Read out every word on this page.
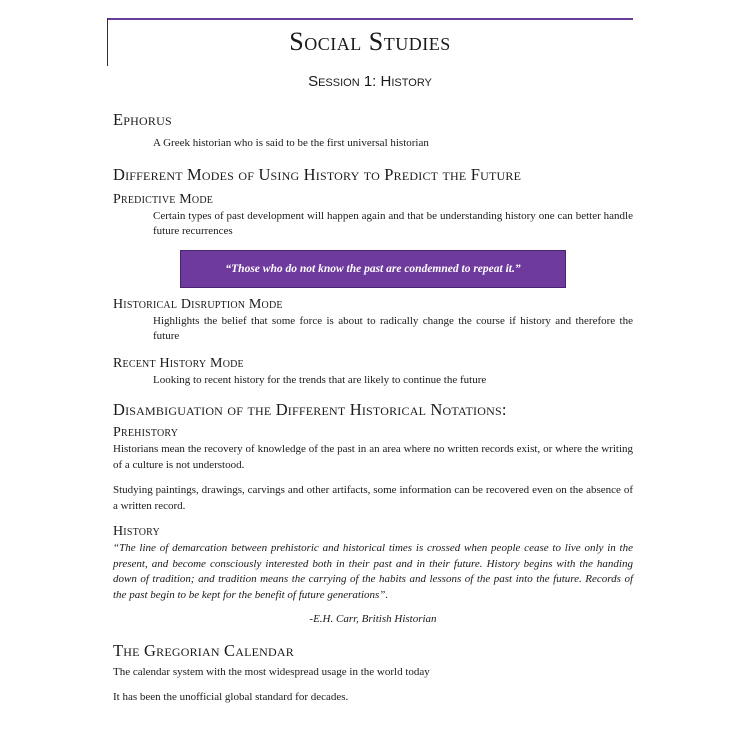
Social Studies
Session 1: History
Ephorus

A Greek historian who is said to be the first universal historian

Different Modes of Using History to Predict the Future
Predictive Mode

Certain types of past development will happen again and that be understanding history one can better handle future recurrences

“Those who do not know the past are condemned to repeat it.”
Historical Disruption Mode

Highlights the belief that some force is about to radically change the course if history and therefore the future

Recent History Mode

Looking to recent history for the trends that are likely to continue the future

Disambiguation of the Different Historical Notations:
Prehistory

Historians mean the recovery of knowledge of the past in an area where no written records exist, or where the writing of a culture is not understood.

Studying paintings, drawings, carvings and other artifacts, some information can be recovered even on the absence of a written record.

History

“The line of demarcation between prehistoric and historical times is crossed when people cease to live only in the present, and become consciously interested both in their past and in their future. History begins with the handing down of tradition; and tradition means the carrying of the habits and lessons of the past into the future. Records of the past begin to be kept for the benefit of future generations”.

-E.H. Carr, British Historian

The Gregorian Calendar

The calendar system with the most widespread usage in the world today

It has been the unofficial global standard for decades.
